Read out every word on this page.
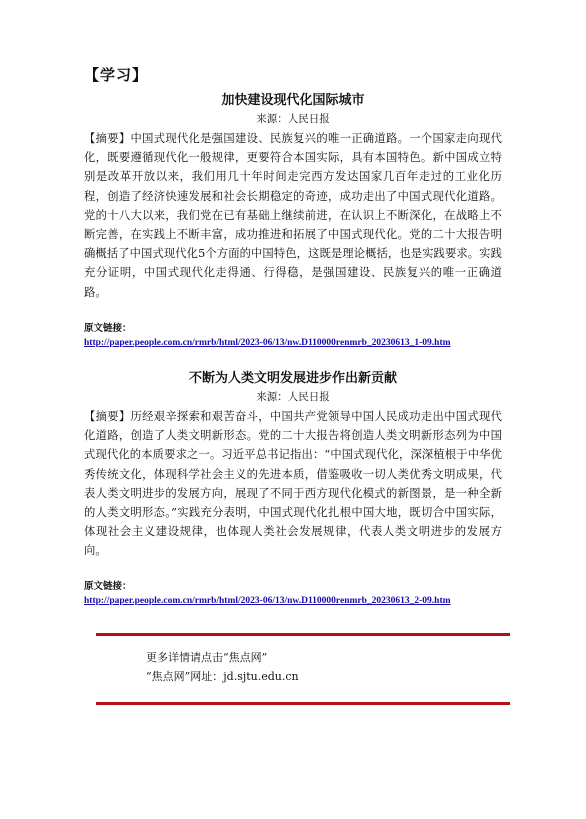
【学习】

加快建设现代化国际城市

来源：人民日报

【摘要】中国式现代化是强国建设、民族复兴的唯一正确道路。一个国家走向现代化，既要遵循现代化一般规律，更要符合本国实际，具有本国特色。新中国成立特别是改革开放以来，我们用几十年时间走完西方发达国家几百年走过的工业化历程，创造了经济快速发展和社会长期稳定的奇迹，成功走出了中国式现代化道路。党的十八大以来，我们党在已有基础上继续前进，在认识上不断深化，在战略上不断完善，在实践上不断丰富，成功推进和拓展了中国式现代化。党的二十大报告明确概括了中国式现代化5个方面的中国特色，这既是理论概括，也是实践要求。实践充分证明，中国式现代化走得通、行得稳，是强国建设、民族复兴的唯一正确道路。

原文链接：

http://paper.people.com.cn/rmrb/html/2023-06/13/nw.D110000renmrb_20230613_1-09.htm

不断为人类文明发展进步作出新贡献

来源：人民日报

【摘要】历经艰辛探索和艰苦奋斗，中国共产党领导中国人民成功走出中国式现代化道路，创造了人类文明新形态。党的二十大报告将创造人类文明新形态列为中国式现代化的本质要求之一。习近平总书记指出：“中国式现代化，深深植根于中华优秀传统文化，体现科学社会主义的先进本质，借鉴吸收一切人类优秀文明成果，代表人类文明进步的发展方向，展现了不同于西方现代化模式的新图景，是一种全新的人类文明形态。”实践充分表明，中国式现代化扎根中国大地，既切合中国实际，体现社会主义建设规律，也体现人类社会发展规律，代表人类文明进步的发展方向。

原文链接：

http://paper.people.com.cn/rmrb/html/2023-06/13/nw.D110000renmrb_20230613_2-09.htm

更多详情请点击“焦点网”

“焦点网”网址：jd.sjtu.edu.cn
